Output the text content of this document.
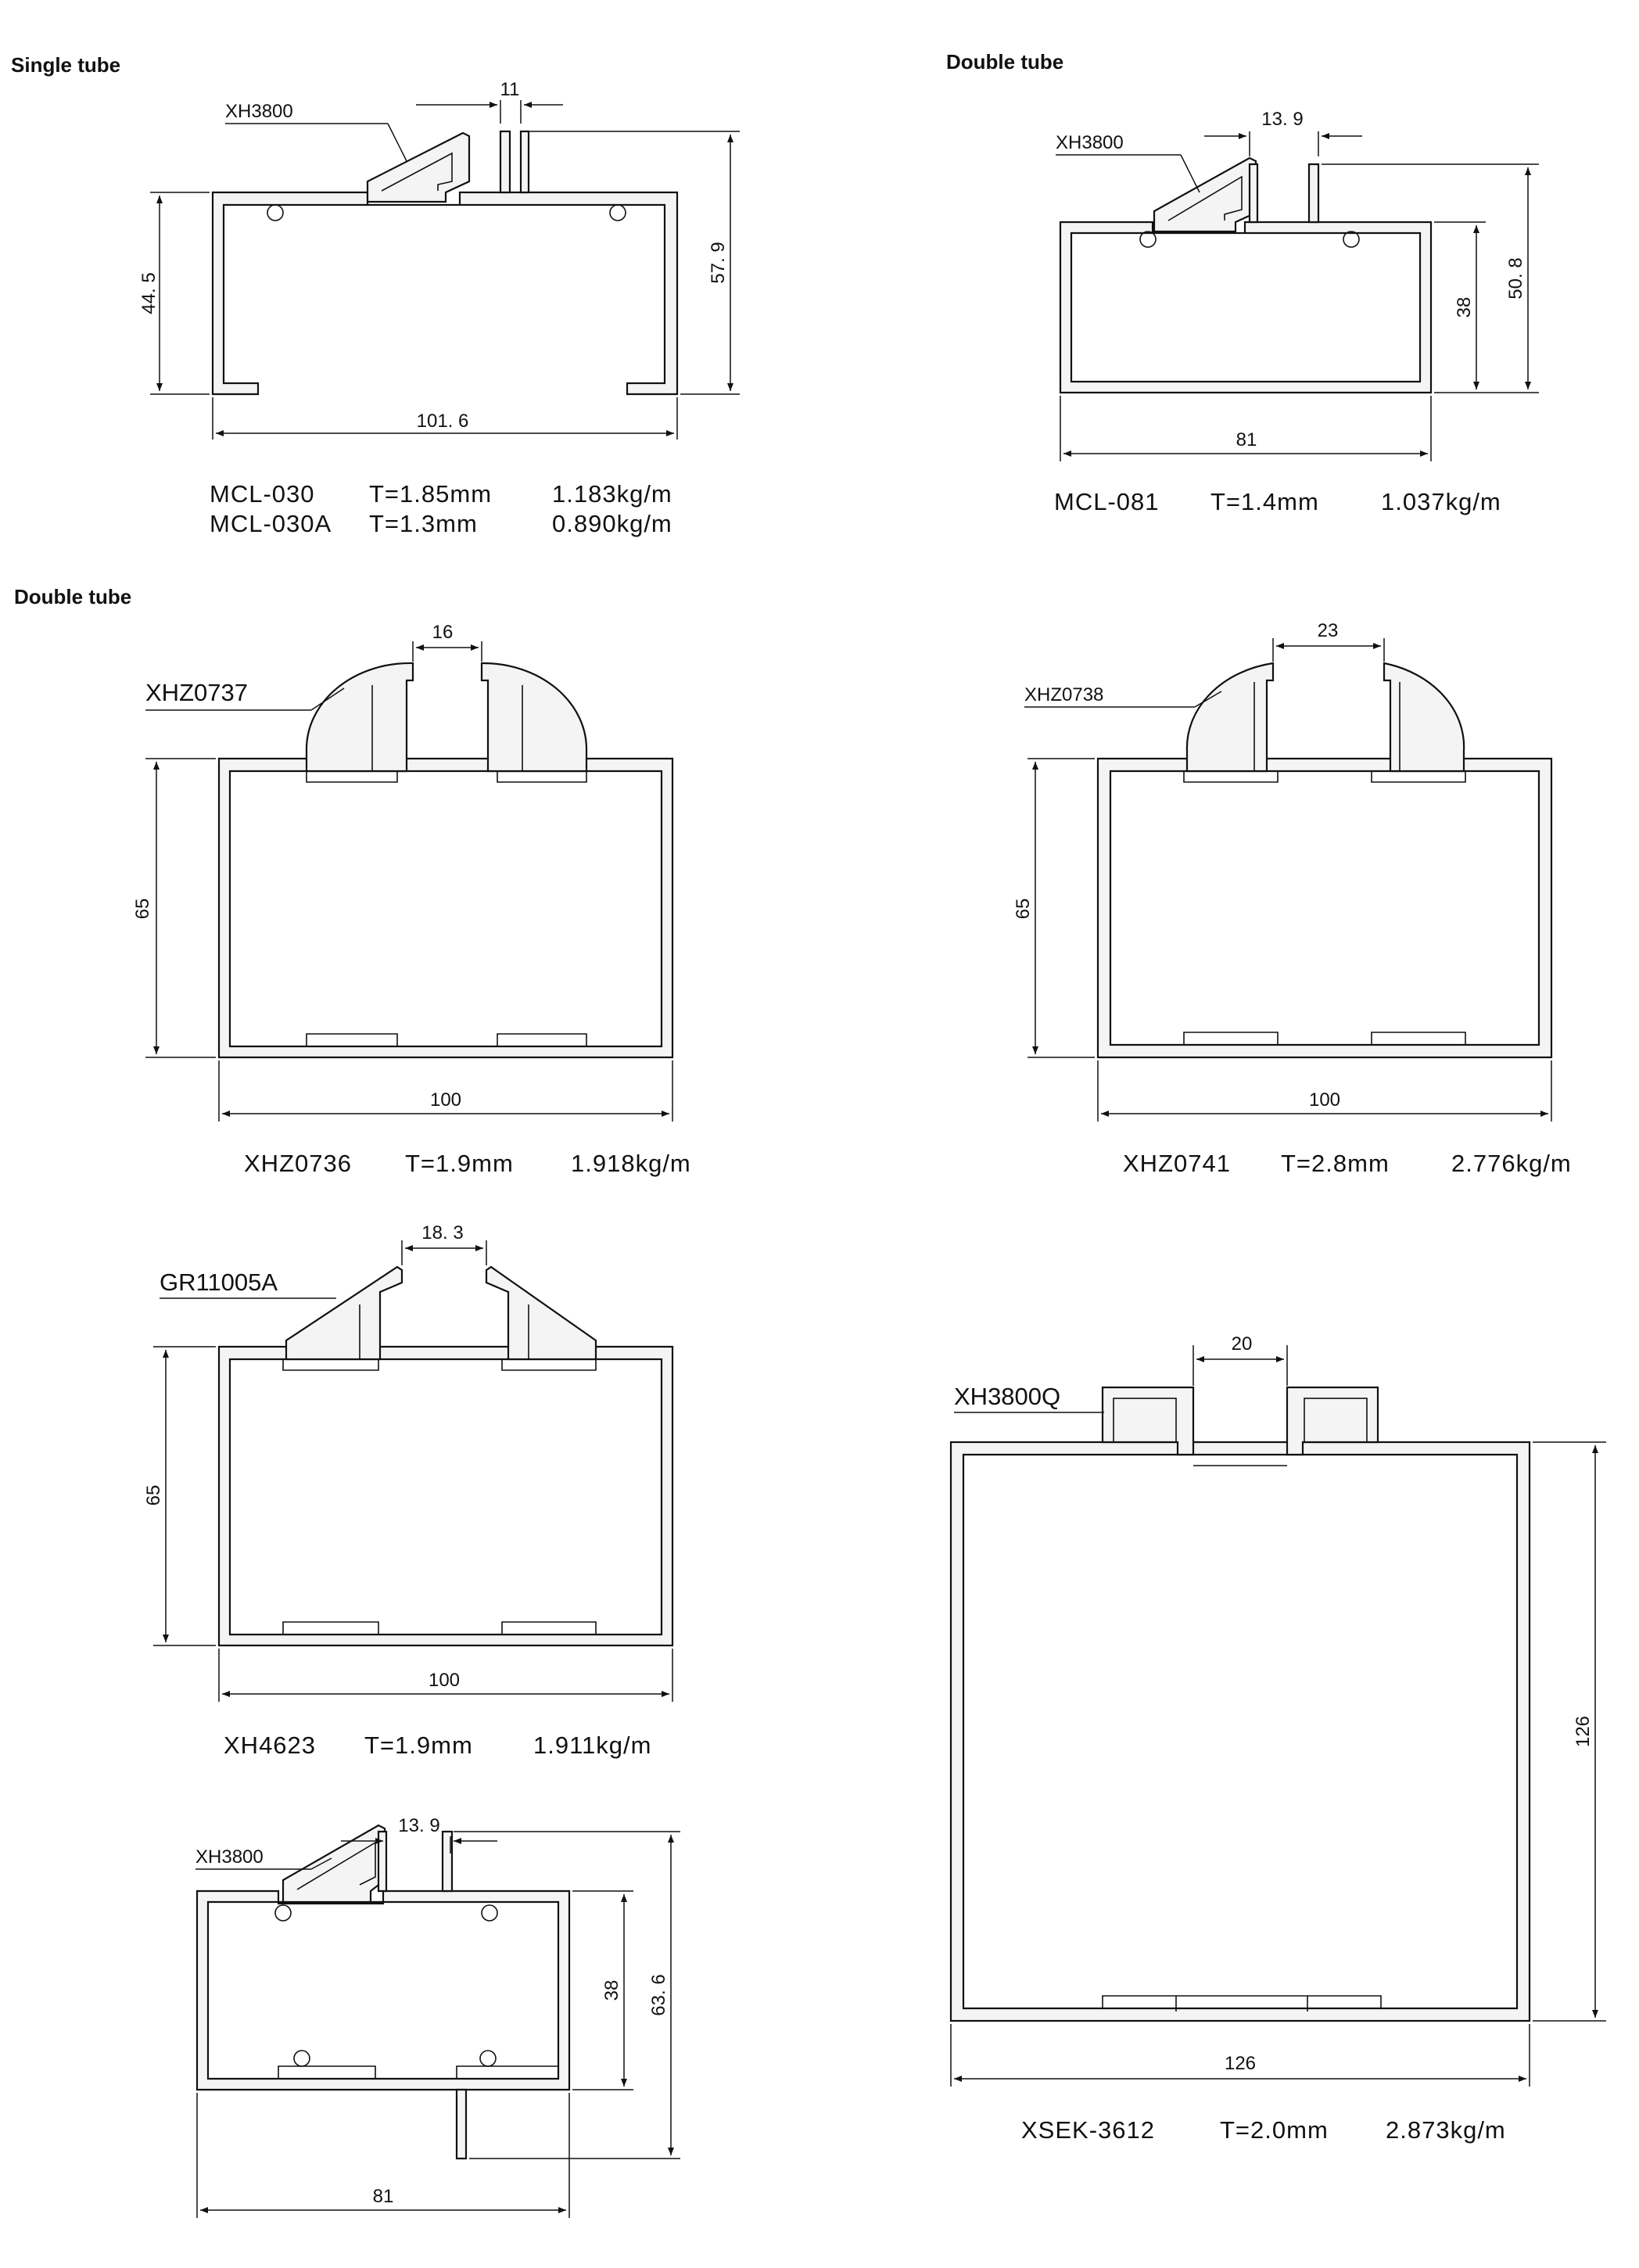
Single tube	Double tube
Double tube
11
XH3800
44. 5
57. 9
101. 6
MCL-030 T=1.85mm 1.183kg/m
MCL-030A T=1.3mm	0.890kg/m
13. 9
XH3800
38
50. 8
81
MCL-081 T=1.4mm	1.037kg/m
16
XHZ0737
65
100
XHZ0736 T=1.9mm 1.918kg/m
23
XHZ0738
65
100
XHZ0741 T=2.8mm	2.776kg/m
18. 3
GR11005A
65
100
XH4623 T=1.9mm 1.911kg/m
20
XH3800Q
126
126
XSEK-3612	T=2.0mm 2.873kg/m
13. 9
XH3800
38 63. 6
81
